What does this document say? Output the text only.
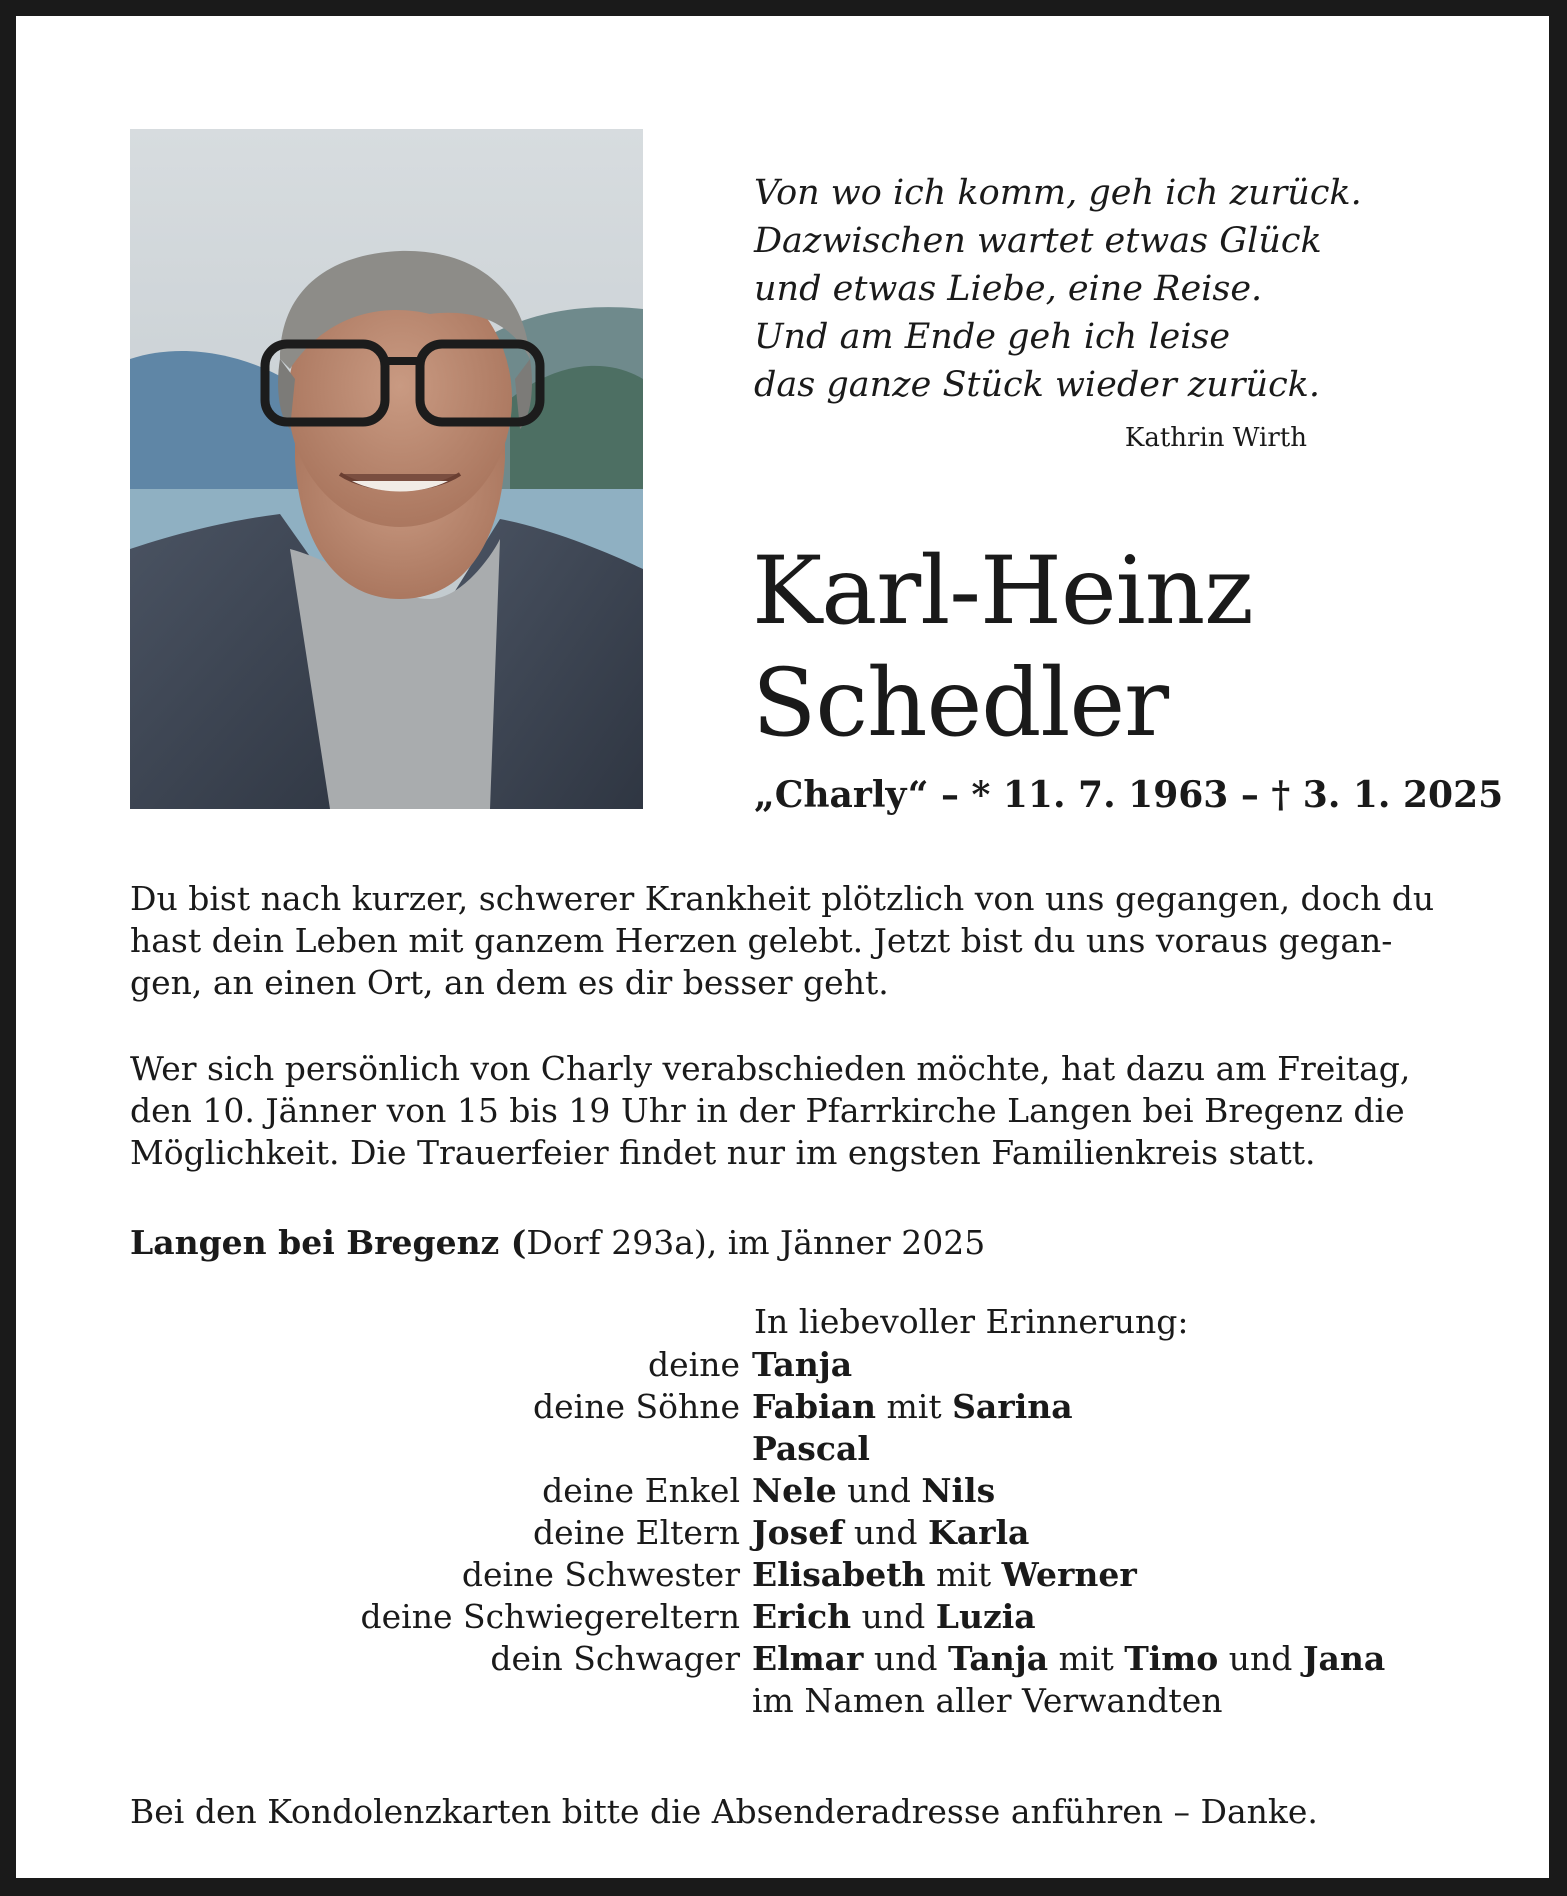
Von wo ich komm, geh ich zurück.
Dazwischen wartet etwas Glück
und etwas Liebe, eine Reise.
Und am Ende geh ich leise
das ganze Stück wieder zurück.
Kathrin Wirth
Karl-Heinz
Schedler
„Charly“ – * 11. 7. 1963 – † 3. 1. 2025
Du bist nach kurzer, schwerer Krankheit plötzlich von uns gegangen, doch du
hast dein Leben mit ganzem Herzen gelebt. Jetzt bist du uns voraus gegan-
gen, an einen Ort, an dem es dir besser geht.
Wer sich persönlich von Charly verabschieden möchte, hat dazu am Freitag,
den 10. Jänner von 15 bis 19 Uhr in der Pfarrkirche Langen bei Bregenz die
Möglichkeit. Die Trauerfeier findet nur im engsten Familienkreis statt.
Langen bei Bregenz (Dorf 293a), im Jänner 2025
In liebevoller Erinnerung:
deine Tanja
deine Söhne Fabian mit Sarina
Pascal
deine Enkel Nele und Nils
deine Eltern Josef und Karla
deine Schwester Elisabeth mit Werner
deine Schwiegereltern Erich und Luzia
dein Schwager Elmar und Tanja mit Timo und Jana
im Namen aller Verwandten
Bei den Kondolenzkarten bitte die Absenderadresse anführen – Danke.
